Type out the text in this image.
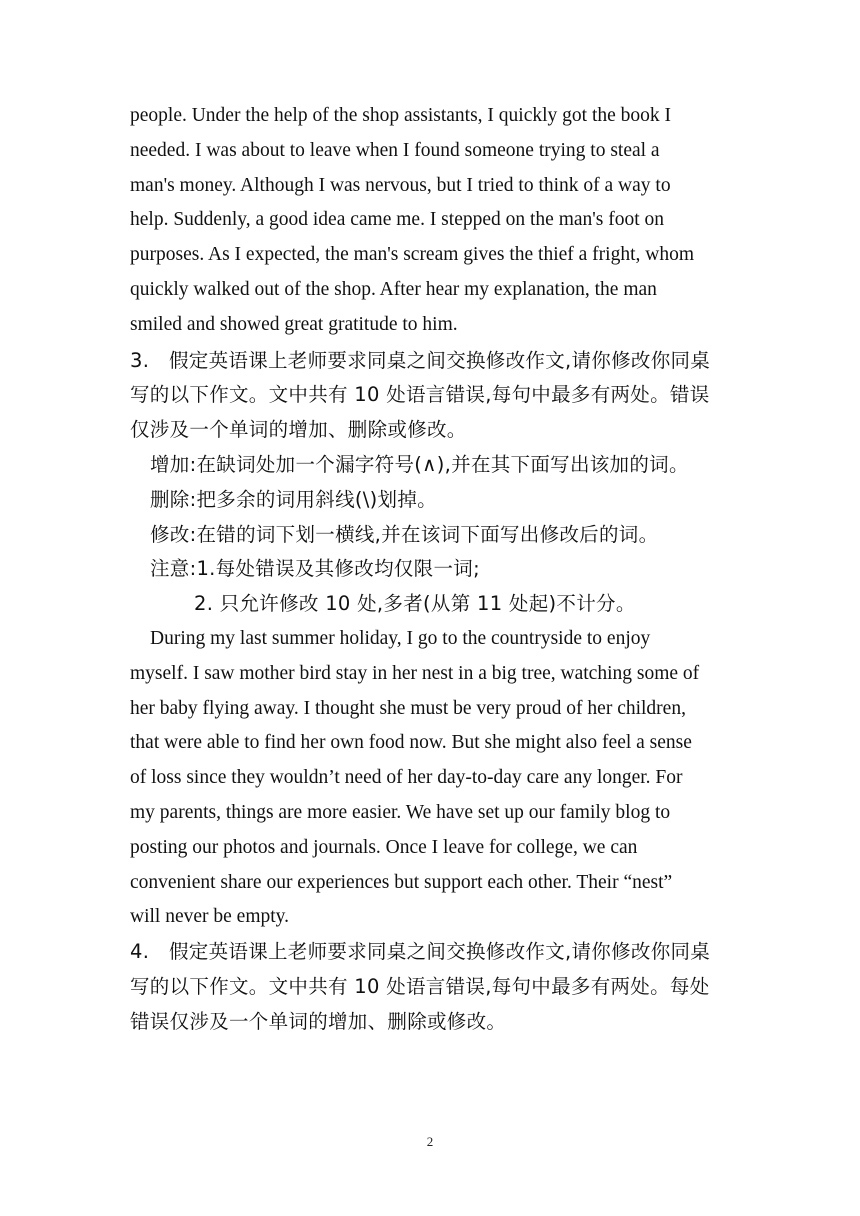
people. Under the help of the shop assistants, I quickly got the book I

needed. I was about to leave when I found someone trying to steal a

man's money. Although I was nervous, but I tried to think of a way to

help. Suddenly, a good idea came me. I stepped on the man's foot on

purposes. As I expected, the man's scream gives the thief a fright, whom

quickly walked out of the shop. After hear my explanation, the man

smiled and showed great gratitude to him.

3.　假定英语课上老师要求同桌之间交换修改作文,请你修改你同桌

写的以下作文。文中共有 10 处语言错误,每句中最多有两处。错误

仅涉及一个单词的增加、删除或修改。

增加:在缺词处加一个漏字符号(∧),并在其下面写出该加的词。

删除:把多余的词用斜线(\)划掉。

修改:在错的词下划一横线,并在该词下面写出修改后的词。

注意:1.每处错误及其修改均仅限一词;

2. 只允许修改 10 处,多者(从第 11 处起)不计分。

During my last summer holiday, I go to the countryside to enjoy

myself. I saw mother bird stay in her nest in a big tree, watching some of

her baby flying away. I thought she must be very proud of her children,

that were able to find her own food now. But she might also feel a sense

of loss since they wouldn’t need of her day-to-day care any longer. For

my parents, things are more easier. We have set up our family blog to

posting our photos and journals. Once I leave for college, we can

convenient share our experiences but support each other. Their “nest”

will never be empty.

4.　假定英语课上老师要求同桌之间交换修改作文,请你修改你同桌

写的以下作文。文中共有 10 处语言错误,每句中最多有两处。每处

错误仅涉及一个单词的增加、删除或修改。

2
